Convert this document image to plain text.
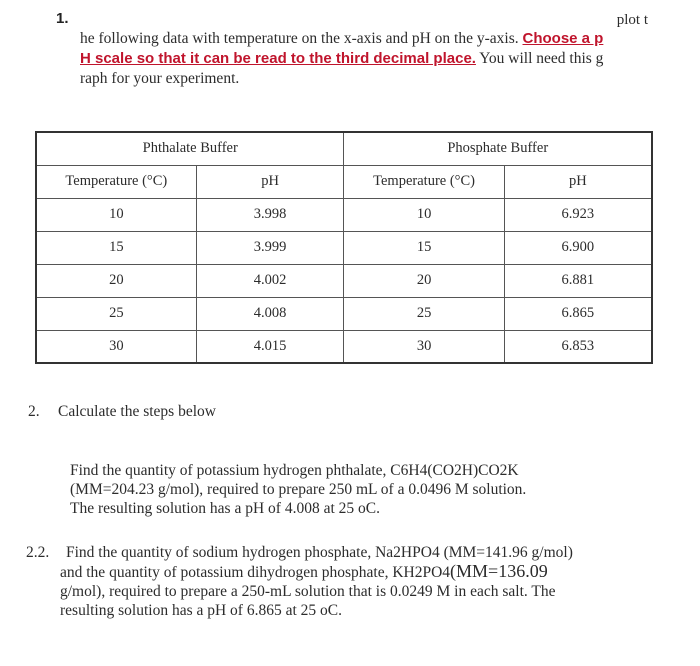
1.	plot t
he following data with temperature on the x-axis and pH on the y-axis. Choose a p
H scale so that it can be read to the third decimal place. You will need this g
raph for your experiment.
Phthalate Buffer		Phosphate Buffer	
Temperature (°C)	pH	Temperature (°C)	pH
10	3.998	10	6.923
15	3.999	15	6.900
20	4.002	20	6.881
25	4.008	25	6.865
30	4.015	30	6.853
2. Calculate the steps below
Find the quantity of potassium hydrogen phthalate, C6H4(CO2H)CO2K
(MM=204.23 g/mol), required to prepare 250 mL of a 0.0496 M solution.
The resulting solution has a pH of 4.008 at 25 oC.
2.2. Find the quantity of sodium hydrogen phosphate, Na2HPO4 (MM=141.96 g/mol)
and the quantity of potassium dihydrogen phosphate, KH2PO4(MM=136.09
g/mol), required to prepare a 250-mL solution that is 0.0249 M in each salt. The
resulting solution has a pH of 6.865 at 25 oC.
